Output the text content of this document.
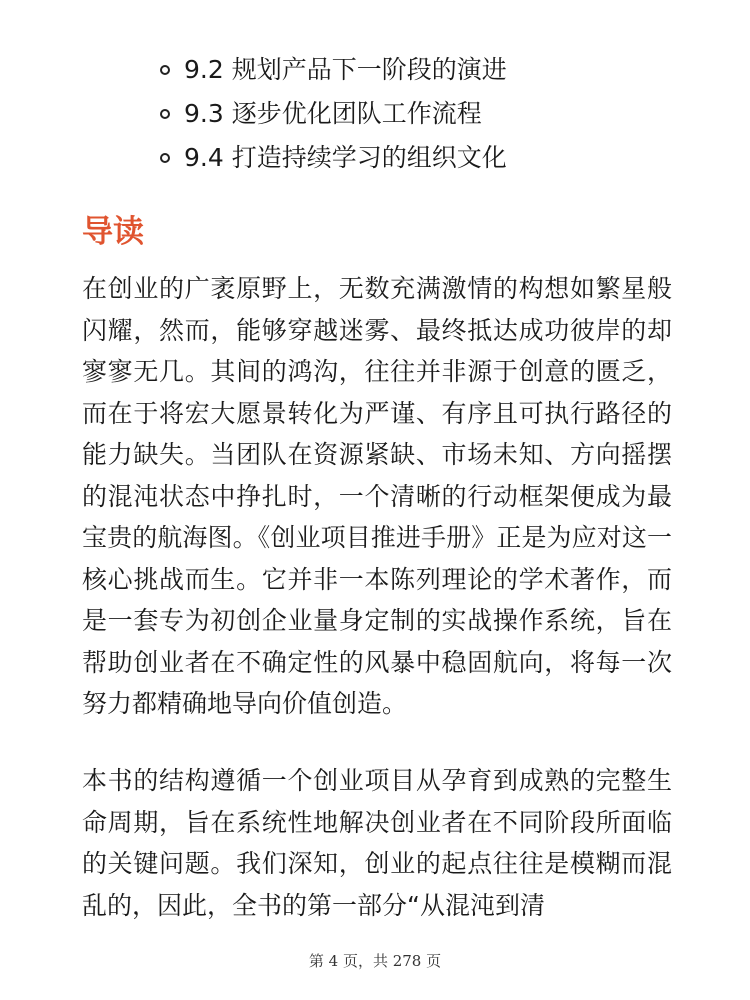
9.2 规划产品下一阶段的演进
9.3 逐步优化团队工作流程
9.4 打造持续学习的组织文化
导读

在创业的广袤原野上，无数充满激情的构想如繁星般闪耀，然而，能够穿越迷雾、最终抵达成功彼岸的却寥寥无几。其间的鸿沟，往往并非源于创意的匮乏，而在于将宏大愿景转化为严谨、有序且可执行路径的能力缺失。当团队在资源紧缺、市场未知、方向摇摆的混沌状态中挣扎时，一个清晰的行动框架便成为最宝贵的航海图。《创业项目推进手册》正是为应对这一核心挑战而生。它并非一本陈列理论的学术著作，而是一套专为初创企业量身定制的实战操作系统，旨在帮助创业者在不确定性的风暴中稳固航向，将每一次努力都精确地导向价值创造。

本书的结构遵循一个创业项目从孕育到成熟的完整生命周期，旨在系统性地解决创业者在不同阶段所面临的关键问题。我们深知，创业的起点往往是模糊而混乱的，因此，全书的第一部分“从混沌到清

第 4 页，共 278 页
